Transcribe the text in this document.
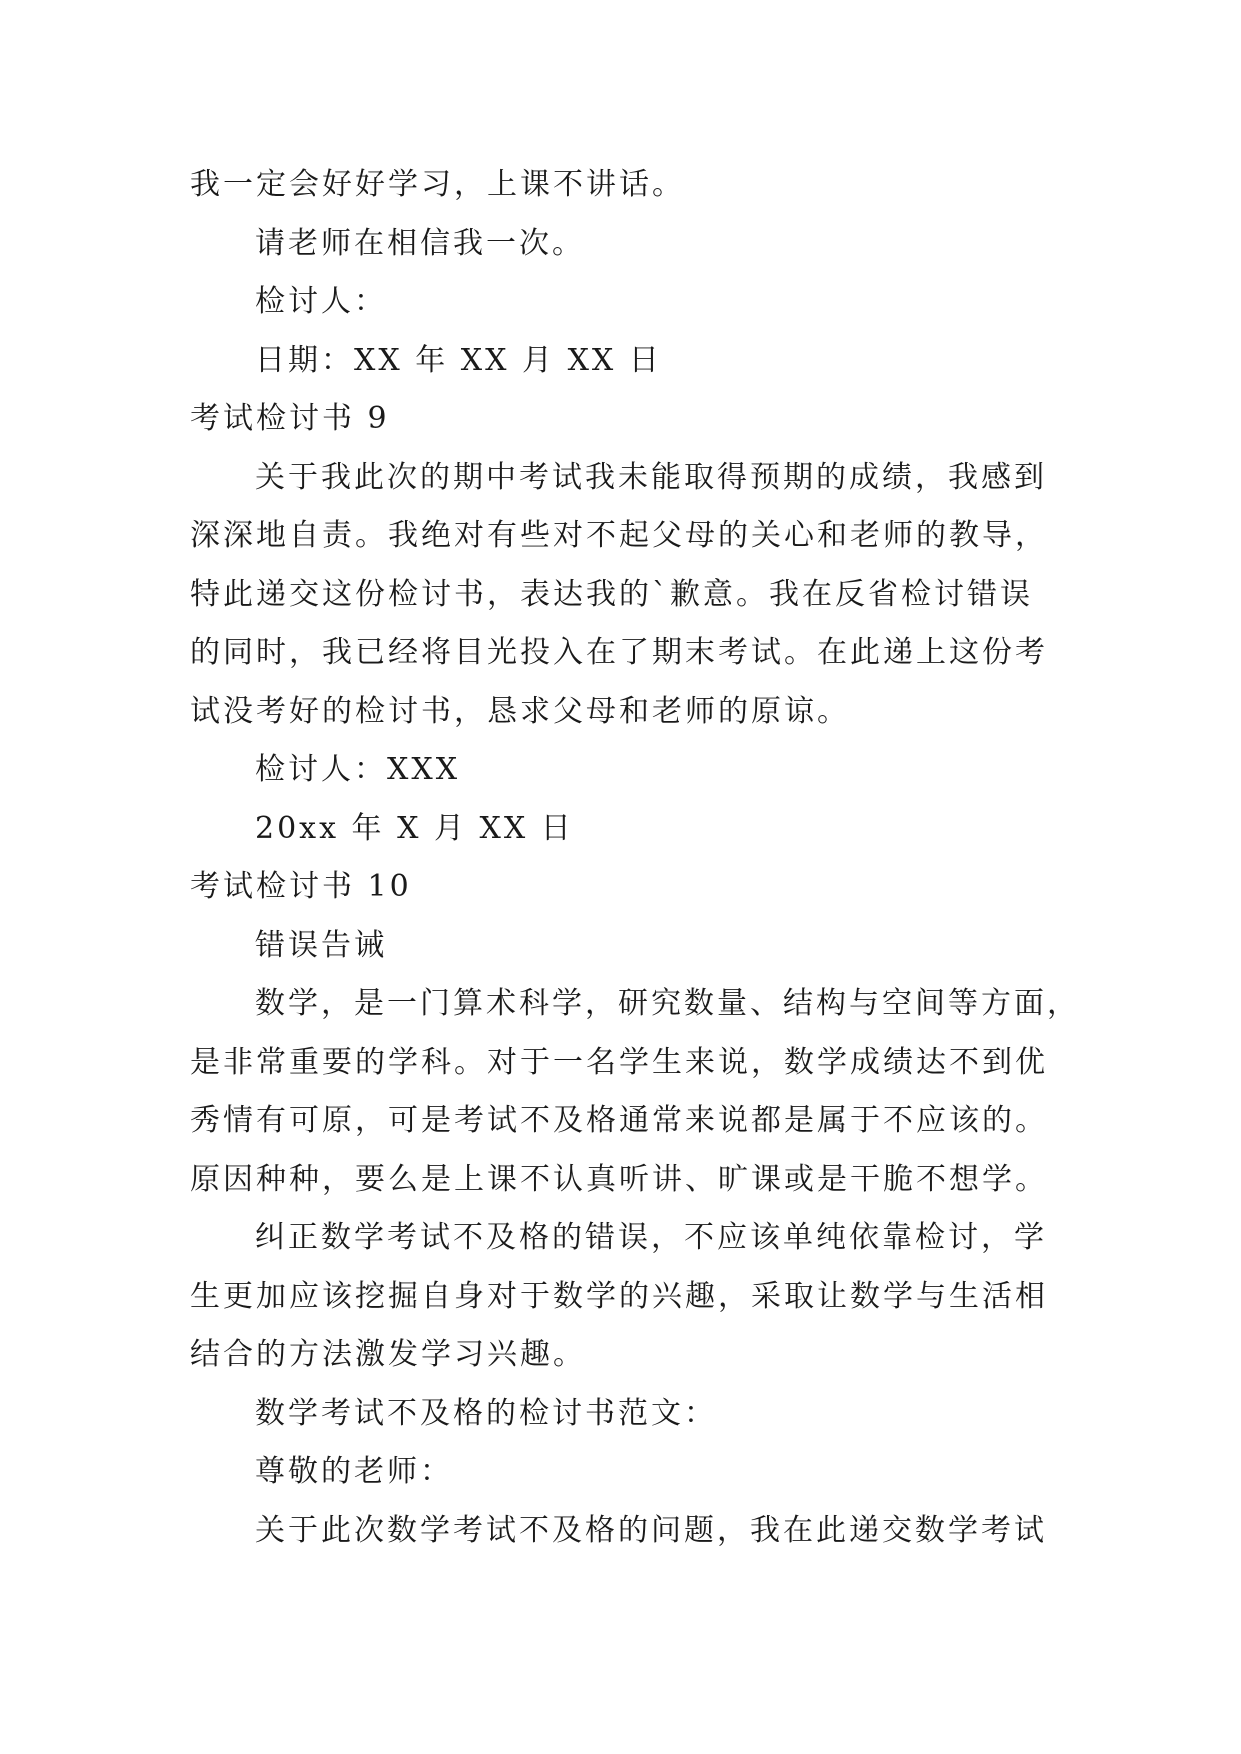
我一定会好好学习，上课不讲话。
请老师在相信我一次。
检讨人：
日期：XX 年 XX 月 XX 日
考试检讨书 9
关于我此次的期中考试我未能取得预期的成绩，我感到
深深地自责。我绝对有些对不起父母的关心和老师的教导，
特此递交这份检讨书，表达我的`歉意。我在反省检讨错误
的同时，我已经将目光投入在了期末考试。在此递上这份考
试没考好的检讨书，恳求父母和老师的原谅。
检讨人：XXX
20xx 年 X 月 XX 日
考试检讨书 10
错误告诫
数学，是一门算术科学，研究数量、结构与空间等方面，
是非常重要的学科。对于一名学生来说，数学成绩达不到优
秀情有可原，可是考试不及格通常来说都是属于不应该的。
原因种种，要么是上课不认真听讲、旷课或是干脆不想学。
纠正数学考试不及格的错误，不应该单纯依靠检讨，学
生更加应该挖掘自身对于数学的兴趣，采取让数学与生活相
结合的方法激发学习兴趣。
数学考试不及格的检讨书范文：
尊敬的老师：
关于此次数学考试不及格的问题，我在此递交数学考试
